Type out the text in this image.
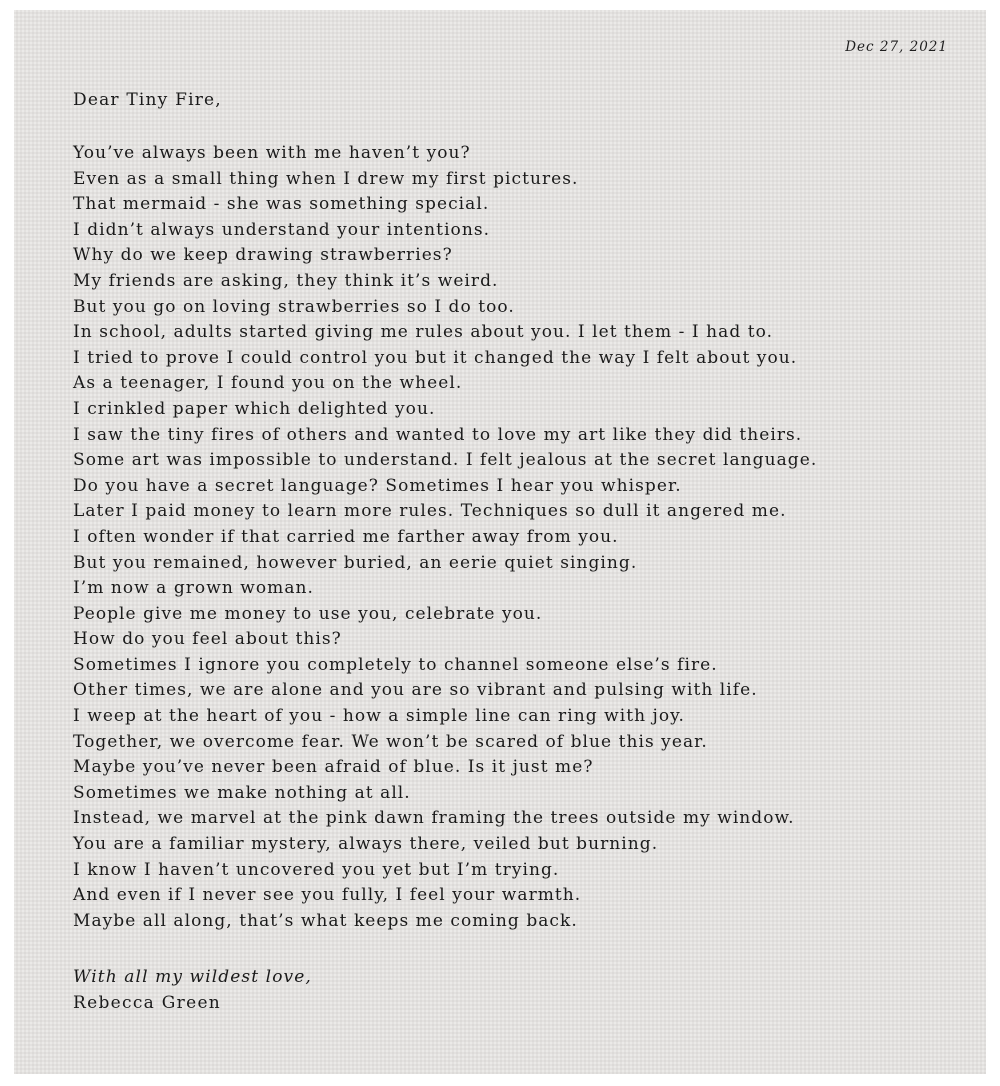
Dec 27, 2021
Dear Tiny Fire,
You’ve always been with me haven’t you?
Even as a small thing when I drew my first pictures.
That mermaid - she was something special.
I didn’t always understand your intentions.
Why do we keep drawing strawberries?
My friends are asking, they think it’s weird.
But you go on loving strawberries so I do too.
In school, adults started giving me rules about you. I let them - I had to.
I tried to prove I could control you but it changed the way I felt about you.
As a teenager, I found you on the wheel.
I crinkled paper which delighted you.
I saw the tiny fires of others and wanted to love my art like they did theirs.
Some art was impossible to understand. I felt jealous at the secret language.
Do you have a secret language? Sometimes I hear you whisper.
Later I paid money to learn more rules. Techniques so dull it angered me.
I often wonder if that carried me farther away from you.
But you remained, however buried, an eerie quiet singing.
I’m now a grown woman.
People give me money to use you, celebrate you.
How do you feel about this?
Sometimes I ignore you completely to channel someone else’s fire.
Other times, we are alone and you are so vibrant and pulsing with life.
I weep at the heart of you - how a simple line can ring with joy.
Together, we overcome fear. We won’t be scared of blue this year.
Maybe you’ve never been afraid of blue. Is it just me?
Sometimes we make nothing at all.
Instead, we marvel at the pink dawn framing the trees outside my window.
You are a familiar mystery, always there, veiled but burning.
I know I haven’t uncovered you yet but I’m trying.
And even if I never see you fully, I feel your warmth.
Maybe all along, that’s what keeps me coming back.
With all my wildest love,
Rebecca Green
